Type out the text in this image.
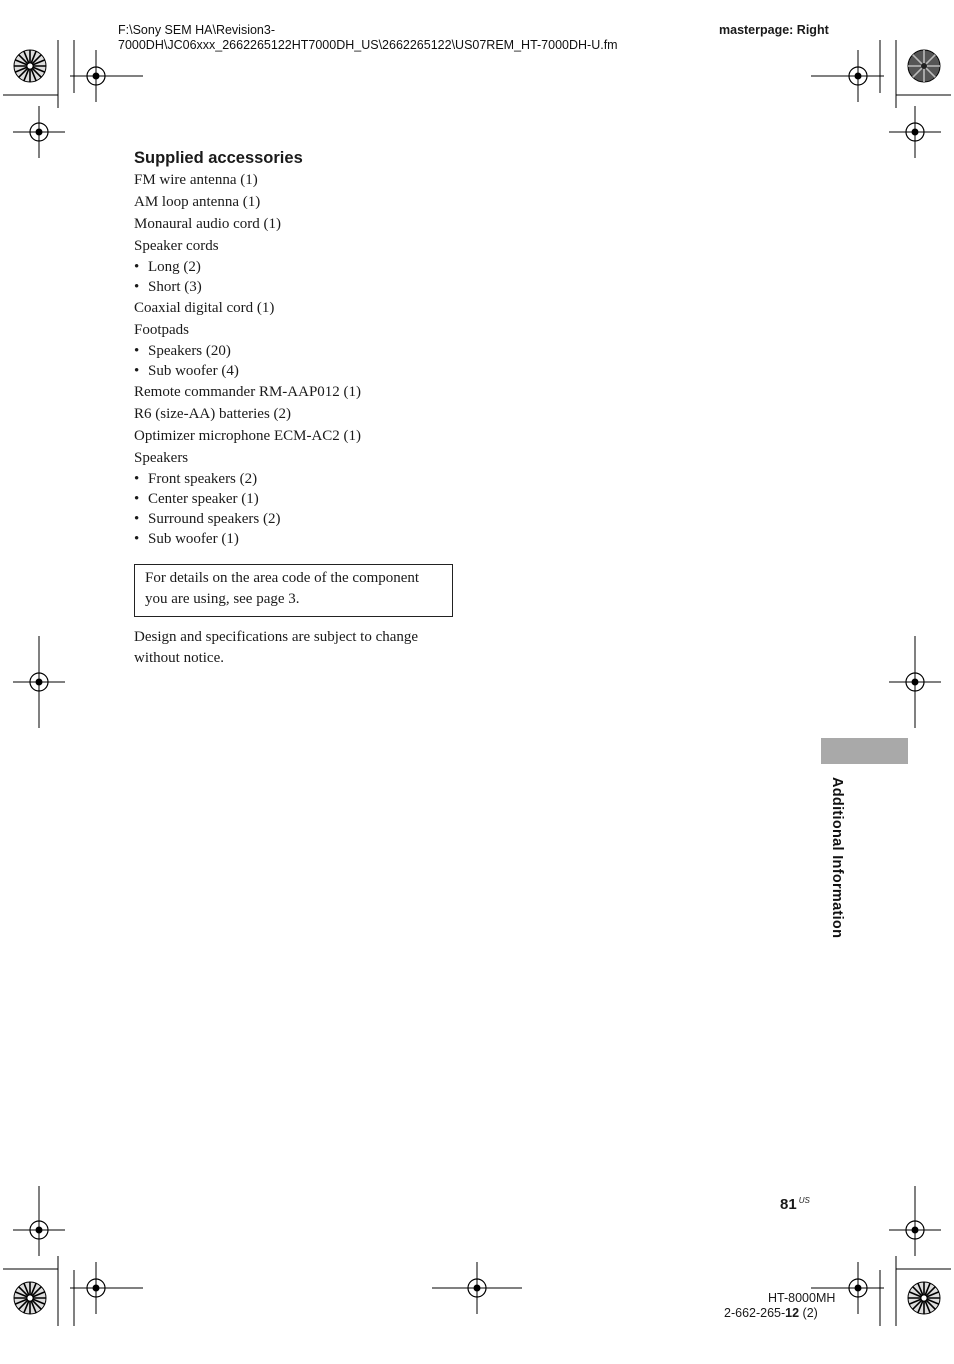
F:\Sony SEM HA\Revision3-
7000DH\JC06xxx_2662265122HT7000DH_US\2662265122\US07REM_HT-7000DH-U.fm
masterpage: Right
Supplied accessories
FM wire antenna (1)
AM loop antenna (1)
Monaural audio cord (1)
Speaker cords
• Long (2)
• Short (3)
Coaxial digital cord (1)
Footpads
• Speakers (20)
• Sub woofer (4)
Remote commander RM-AAP012 (1)
R6 (size-AA) batteries (2)
Optimizer microphone ECM-AC2 (1)
Speakers
• Front speakers (2)
• Center speaker (1)
• Surround speakers (2)
• Sub woofer (1)
For details on the area code of the component you are using, see page 3.
Design and specifications are subject to change without notice.
Additional Information
81 $^{US}$
HT-8000MH
2-662-265-12 (2)
